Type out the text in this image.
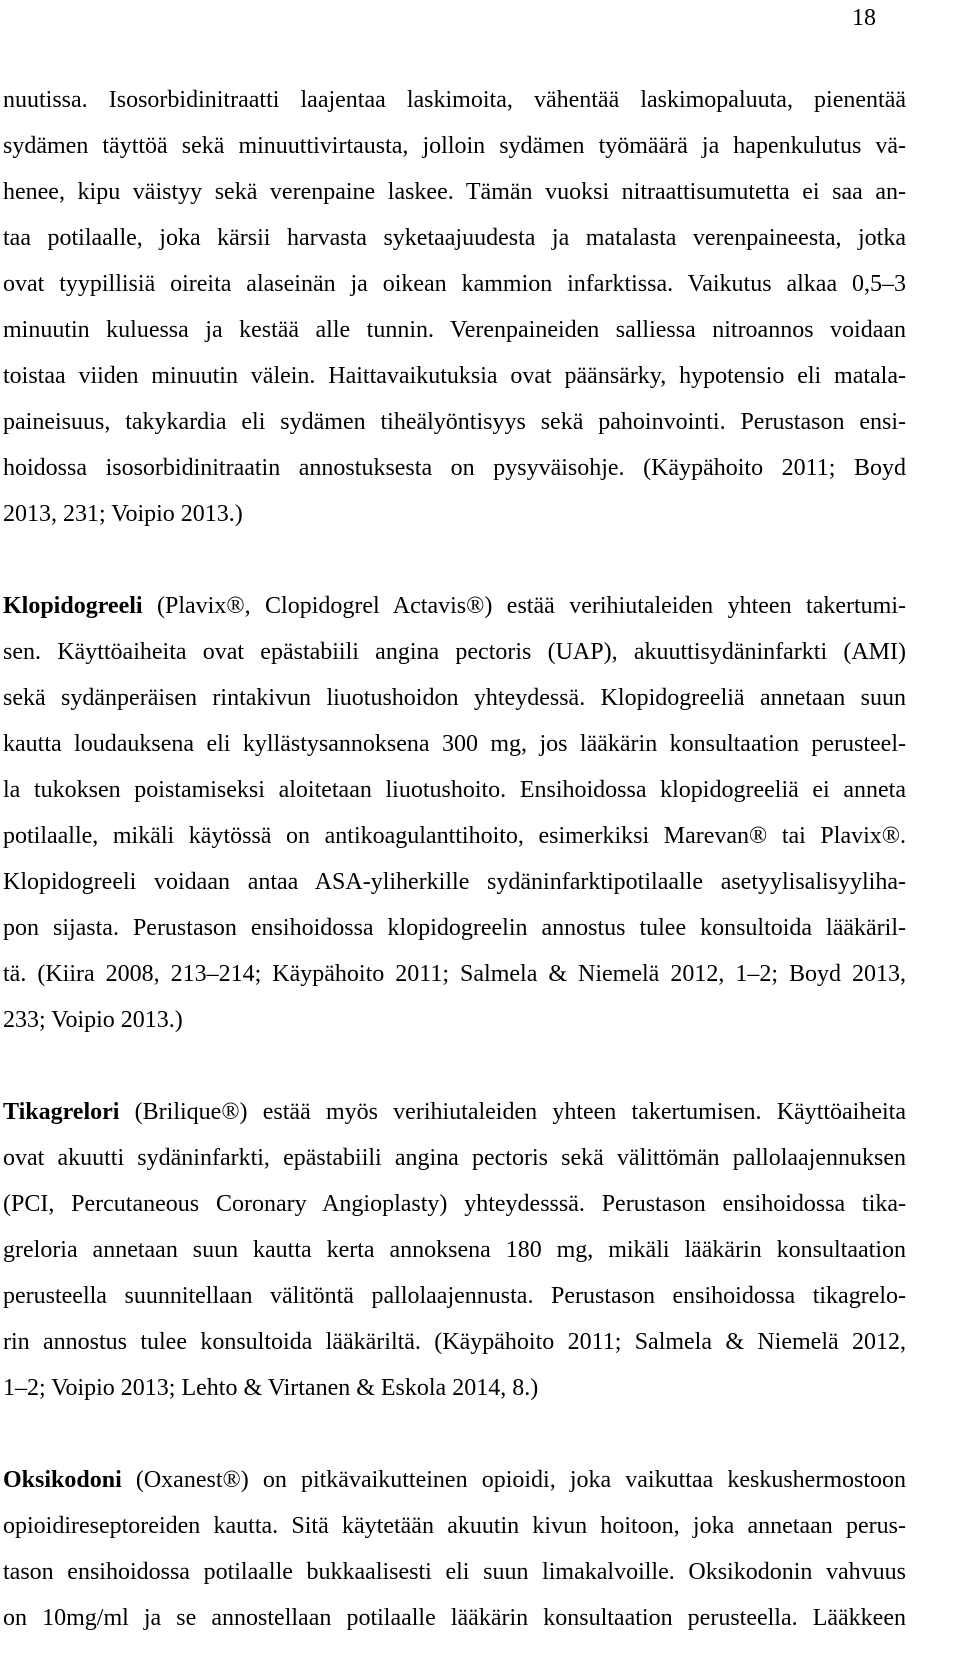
18
nuutissa. Isosorbidinitraatti laajentaa laskimoita, vähentää laskimopaluuta, pienentää
sydämen täyttöä sekä minuuttivirtausta, jolloin sydämen työmäärä ja hapenkulutus vä-
henee, kipu väistyy sekä verenpaine laskee. Tämän vuoksi nitraattisumutetta ei saa an-
taa potilaalle, joka kärsii harvasta syketaajuudesta ja matalasta verenpaineesta, jotka
ovat tyypillisiä oireita alaseinän ja oikean kammion infarktissa. Vaikutus alkaa 0,5–3
minuutin kuluessa ja kestää alle tunnin. Verenpaineiden salliessa nitroannos voidaan
toistaa viiden minuutin välein. Haittavaikutuksia ovat päänsärky, hypotensio eli matala-
paineisuus, takykardia eli sydämen tiheälyöntisyys sekä pahoinvointi. Perustason ensi-
hoidossa isosorbidinitraatin annostuksesta on pysyväisohje. (Käypähoito 2011; Boyd
2013, 231; Voipio 2013.)
Klopidogreeli (Plavix®, Clopidogrel Actavis®) estää verihiutaleiden yhteen takertumi-
sen. Käyttöaiheita ovat epästabiili angina pectoris (UAP), akuuttisydäninfarkti (AMI)
sekä sydänperäisen rintakivun liuotushoidon yhteydessä. Klopidogreeliä annetaan suun
kautta loudauksena eli kyllästysannoksena 300 mg, jos lääkärin konsultaation perusteel-
la tukoksen poistamiseksi aloitetaan liuotushoito. Ensihoidossa klopidogreeliä ei anneta
potilaalle, mikäli käytössä on antikoagulanttihoito, esimerkiksi Marevan® tai Plavix®.
Klopidogreeli voidaan antaa ASA-yliherkille sydäninfarktipotilaalle asetyylisalisyyliha-
pon sijasta. Perustason ensihoidossa klopidogreelin annostus tulee konsultoida lääkäril-
tä. (Kiira 2008, 213–214; Käypähoito 2011; Salmela & Niemelä 2012, 1–2; Boyd 2013,
233; Voipio 2013.)
Tikagrelori (Brilique®) estää myös verihiutaleiden yhteen takertumisen. Käyttöaiheita
ovat akuutti sydäninfarkti, epästabiili angina pectoris sekä välittömän pallolaajennuksen
(PCI, Percutaneous Coronary Angioplasty) yhteydesssä. Perustason ensihoidossa tika-
greloria annetaan suun kautta kerta annoksena 180 mg, mikäli lääkärin konsultaation
perusteella suunnitellaan välitöntä pallolaajennusta. Perustason ensihoidossa tikagrelo-
rin annostus tulee konsultoida lääkäriltä. (Käypähoito 2011; Salmela & Niemelä 2012,
1–2; Voipio 2013; Lehto & Virtanen & Eskola 2014, 8.)
Oksikodoni (Oxanest®) on pitkävaikutteinen opioidi, joka vaikuttaa keskushermostoon
opioidireseptoreiden kautta. Sitä käytetään akuutin kivun hoitoon, joka annetaan perus-
tason ensihoidossa potilaalle bukkaalisesti eli suun limakalvoille. Oksikodonin vahvuus
on 10mg/ml ja se annostellaan potilaalle lääkärin konsultaation perusteella. Lääkkeen
